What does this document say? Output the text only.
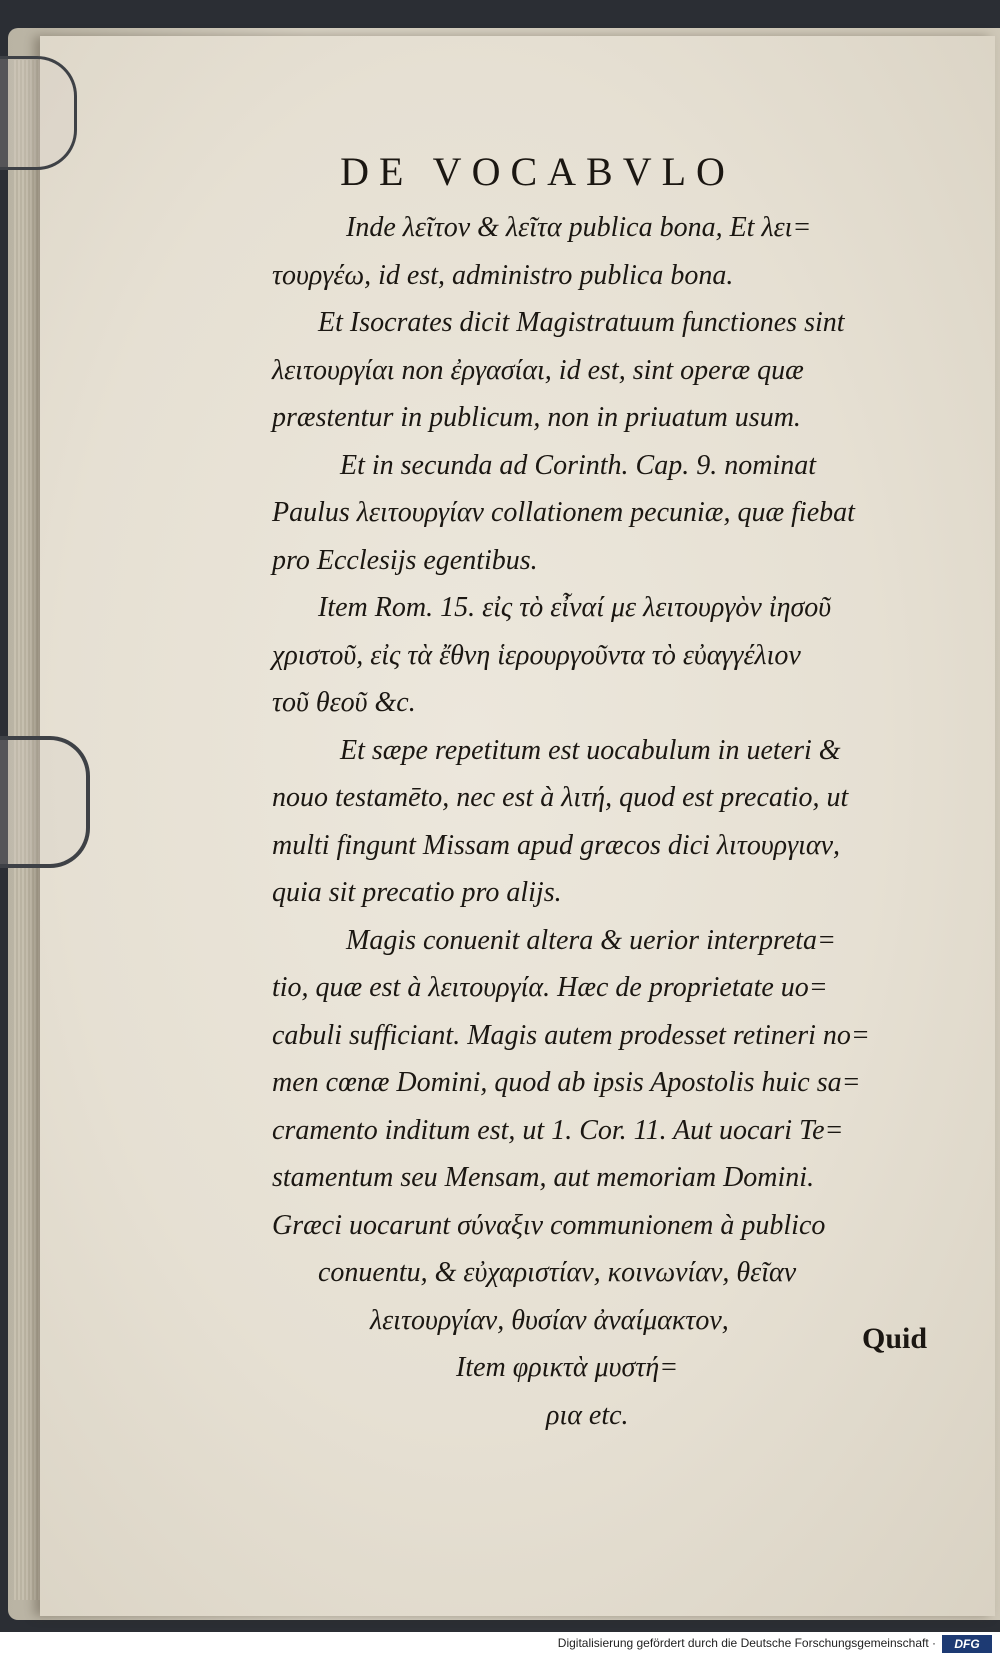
DE VOCABVLO
Inde λεῖτον & λεῖτα publica bona, Et λει=
τουργέω, id est, administro publica bona.
Et Isocrates dicit Magistratuum functiones sint
λειτουργίαι non ἐργασίαι, id est, sint operæ quæ
præstentur in publicum, non in priuatum usum.
Et in secunda ad Corinth. Cap. 9. nominat
Paulus λειτουργίαν collationem pecuniæ, quæ fiebat
pro Ecclesijs egentibus.
Item Rom. 15. εἰς τὸ εἶναί με λειτουργὸν ἰησοῦ
χριστοῦ, εἰς τὰ ἔθνη ἱερουργοῦντα τὸ εὐαγγέλιον
τοῦ θεοῦ &c.
Et sæpe repetitum est uocabulum in ueteri &
nouo testamēto, nec est à λιτή, quod est precatio, ut
multi fingunt Missam apud græcos dici λιτουργιαν,
quia sit precatio pro alijs.
Magis conuenit altera & uerior interpreta=
tio, quæ est à λειτουργία. Hæc de proprietate uo=
cabuli sufficiant. Magis autem prodesset retineri no=
men cœnæ Domini, quod ab ipsis Apostolis huic sa=
cramento inditum est, ut 1. Cor. 11. Aut uocari Te=
stamentum seu Mensam, aut memoriam Domini.
Græci uocarunt σύναξιν communionem à publico
conuentu, & εὐχαριστίαν, κοινωνίαν, θεῖαν
λειτουργίαν, θυσίαν ἀναίμακτον,
Item φρικτὰ μυστή=
ρια etc.
Quid
Digitalisierung gefördert durch die Deutsche Forschungsgemeinschaft ·	DFG
